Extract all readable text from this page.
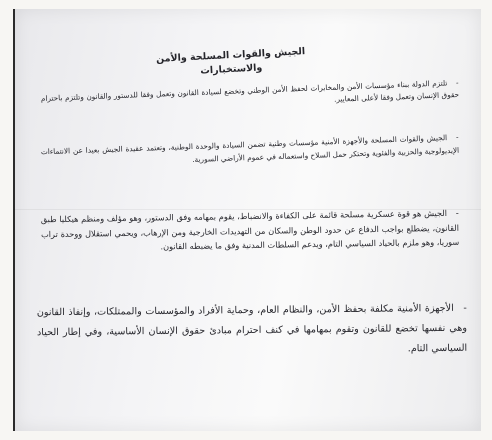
الجيش والقوات المسلحة والأمن والاستخبارات
- تلتزم الدولة ببناء مؤسسات الأمن والمخابرات لحفظ الأمن الوطني وتخضع لسيادة القانون وتعمل وفقا للدستور والقانون وتلتزم باحترام حقوق الإنسان وتعمل وفقا لأعلى المعايير.
- الجيش والقوات المسلحة والأجهزة الأمنية مؤسسات وطنية تضمن السيادة والوحدة الوطنية، وتعتمد عقيدة الجيش بعيدا عن الانتماءات الإيديولوجية والحزبية والفئوية وتحتكر حمل السلاح واستعماله في عموم الأراضي السورية.
- الجيش هو قوة عسكرية مسلحة قائمة على الكفاءة والانضباط، يقوم بمهامه وفق الدستور، وهو مؤلف ومنظم هيكليا طبق القانون، يضطلع بواجب الدفاع عن حدود الوطن والسكان من التهديدات الخارجية ومن الإرهاب، ويحمي استقلال ووحدة تراب سوريا، وهو ملزم بالحياد السياسي التام، ويدعم السلطات المدنية وفق ما يضبطه القانون.
- الأجهزة الأمنية مكلفة بحفظ الأمن، والنظام العام، وحماية الأفراد والمؤسسات والممتلكات، وإنفاذ القانون وهي نفسها تخضع للقانون وتقوم بمهامها في كنف احترام مبادئ حقوق الإنسان الأساسية، وفي إطار الحياد السياسي التام.
